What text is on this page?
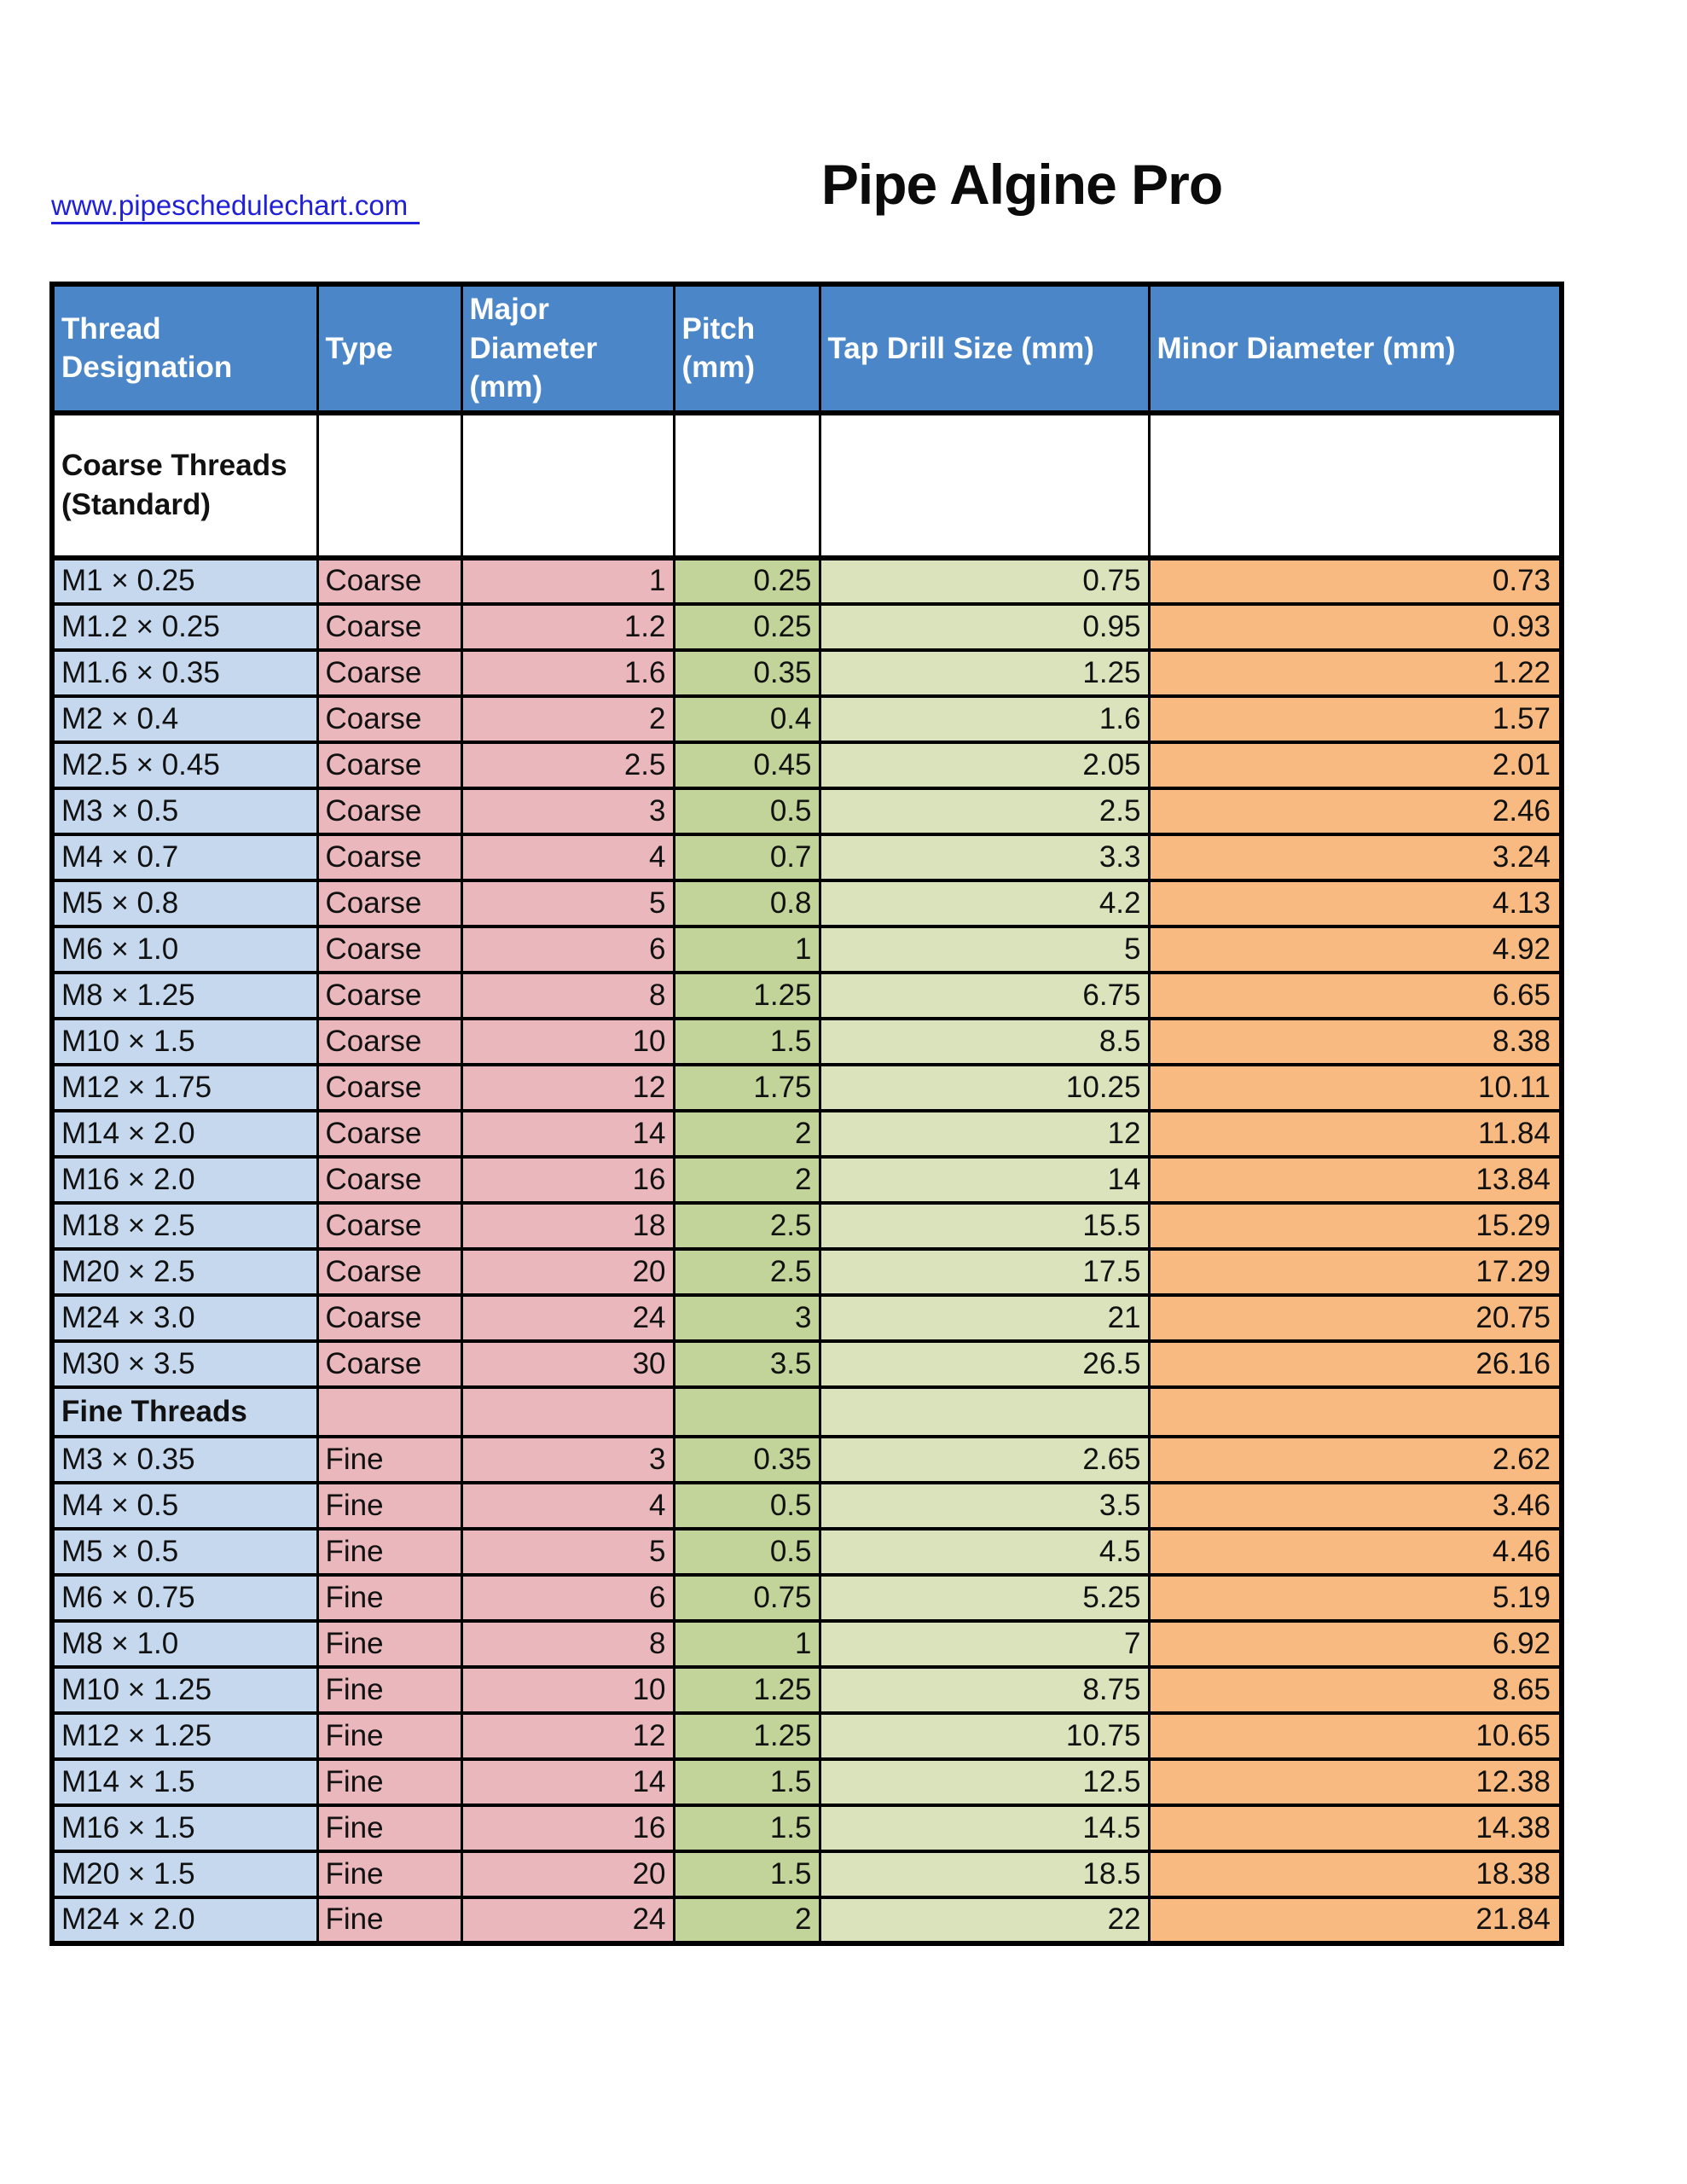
www.pipeschedulechart.com	Pipe Algine Pro
Thread Designation	Type	Major Diameter (mm)	Pitch (mm)	Tap Drill Size (mm)	Minor Diameter (mm)
Coarse Threads (Standard)					
M1 × 0.25	Coarse	1	0.25	0.75	0.73
M1.2 × 0.25	Coarse	1.2	0.25	0.95	0.93
M1.6 × 0.35	Coarse	1.6	0.35	1.25	1.22
M2 × 0.4	Coarse	2	0.4	1.6	1.57
M2.5 × 0.45	Coarse	2.5	0.45	2.05	2.01
M3 × 0.5	Coarse	3	0.5	2.5	2.46
M4 × 0.7	Coarse	4	0.7	3.3	3.24
M5 × 0.8	Coarse	5	0.8	4.2	4.13
M6 × 1.0	Coarse	6	1	5	4.92
M8 × 1.25	Coarse	8	1.25	6.75	6.65
M10 × 1.5	Coarse	10	1.5	8.5	8.38
M12 × 1.75	Coarse	12	1.75	10.25	10.11
M14 × 2.0	Coarse	14	2	12	11.84
M16 × 2.0	Coarse	16	2	14	13.84
M18 × 2.5	Coarse	18	2.5	15.5	15.29
M20 × 2.5	Coarse	20	2.5	17.5	17.29
M24 × 3.0	Coarse	24	3	21	20.75
M30 × 3.5	Coarse	30	3.5	26.5	26.16
Fine Threads					
M3 × 0.35	Fine	3	0.35	2.65	2.62
M4 × 0.5	Fine	4	0.5	3.5	3.46
M5 × 0.5	Fine	5	0.5	4.5	4.46
M6 × 0.75	Fine	6	0.75	5.25	5.19
M8 × 1.0	Fine	8	1	7	6.92
M10 × 1.25	Fine	10	1.25	8.75	8.65
M12 × 1.25	Fine	12	1.25	10.75	10.65
M14 × 1.5	Fine	14	1.5	12.5	12.38
M16 × 1.5	Fine	16	1.5	14.5	14.38
M20 × 1.5	Fine	20	1.5	18.5	18.38
M24 × 2.0	Fine	24	2	22	21.84
